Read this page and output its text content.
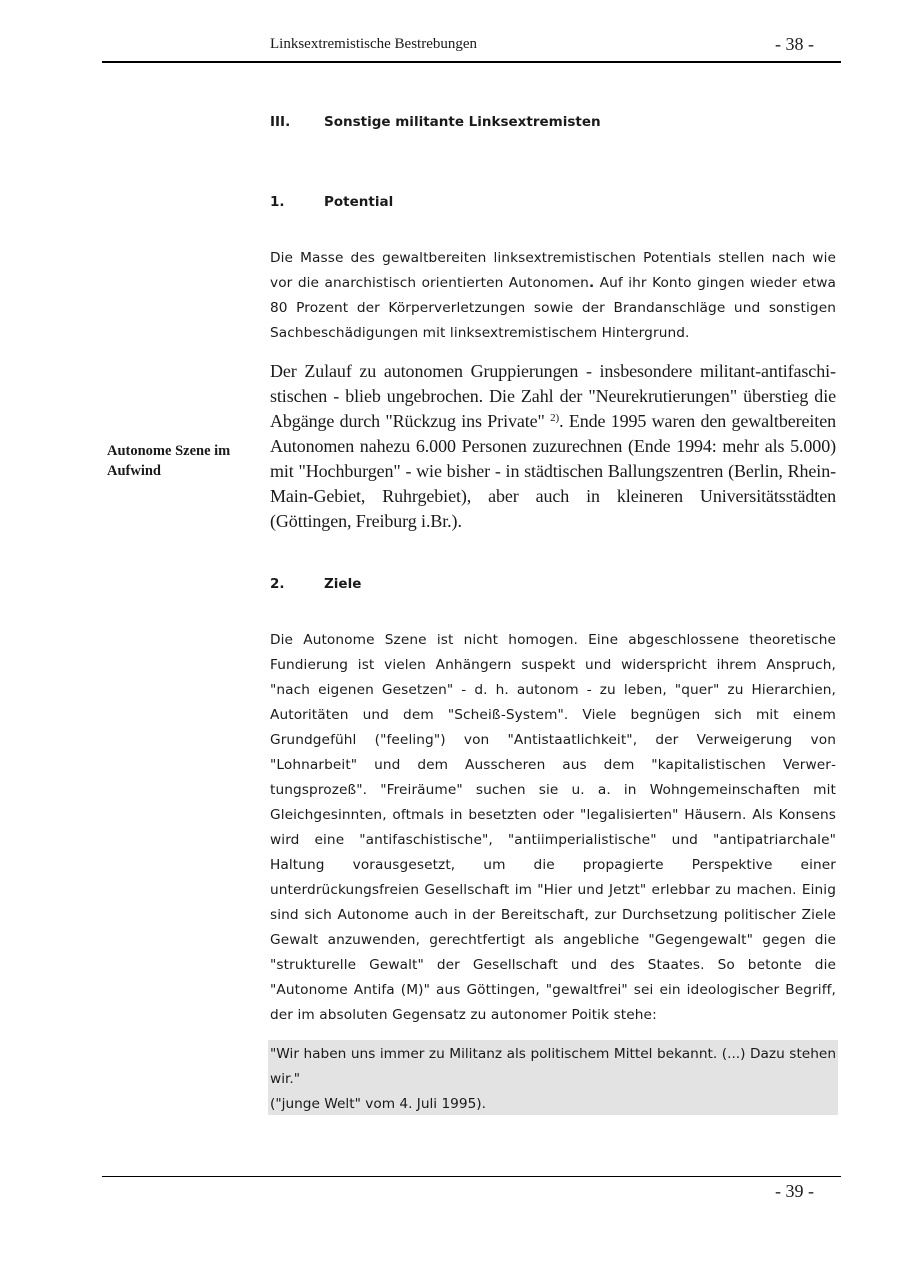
Linksextremistische Bestrebungen	- 38 -
III.	Sonstige militante Linksextremisten
1.	Potential
Die Masse des gewaltbereiten linksextremistischen Potentials stellen nach wie vor die anarchistisch orientierten Autonomen. Auf ihr Konto gingen wieder etwa 80 Prozent der Körperverletzungen sowie der Brandanschläge und sonstigen Sachbeschädigungen mit linksextremistischem Hintergrund.
Der Zulauf zu autonomen Gruppierungen - insbesondere militant-antifaschistischen - blieb ungebrochen. Die Zahl der "Neurekrutierungen" überstieg die Abgänge durch "Rückzug ins Private" $^{2)}$. Ende 1995 waren den gewaltbereiten Autonomen nahezu 6.000 Personen zuzurechnen (Ende 1994: mehr als 5.000) mit "Hochburgen" - wie bisher - in städtischen Ballungszentren (Berlin, Rhein-Main-Gebiet, Ruhrgebiet), aber auch in kleineren Universitätsstädten (Göttingen, Freiburg i.Br.).
Autonome Szene im Aufwind
2.	Ziele
Die Autonome Szene ist nicht homogen. Eine abgeschlossene theoretische Fundierung ist vielen Anhängern suspekt und widerspricht ihrem Anspruch, "nach eigenen Gesetzen" - d. h. autonom - zu leben, "quer" zu Hierarchien, Autoritäten und dem "Scheiß-System". Viele begnügen sich mit einem Grundgefühl ("feeling") von "Antistaatlichkeit", der Verweigerung von "Lohnarbeit" und dem Ausscheren aus dem "kapitalistischen Verwertungsprozeß". "Freiräume" suchen sie u. a. in Wohngemeinschaften mit Gleichgesinnten, oftmals in besetzten oder "legalisierten" Häusern. Als Konsens wird eine "antifaschistische", "antiimperialistische" und "antipatriarchale" Haltung vorausgesetzt, um die propagierte Perspektive einer unterdrückungsfreien Gesellschaft im "Hier und Jetzt" erlebbar zu machen. Einig sind sich Autonome auch in der Bereitschaft, zur Durchsetzung politischer Ziele Gewalt anzuwenden, gerechtfertigt als angebliche "Gegengewalt" gegen die "strukturelle Gewalt" der Gesellschaft und des Staates. So betonte die "Autonome Antifa (M)" aus Göttingen, "gewaltfrei" sei ein ideologischer Begriff, der im absoluten Gegensatz zu autonomer Poitik stehe:
"Wir haben uns immer zu Militanz als politischem Mittel bekannt. (...) Dazu stehen wir."
("junge Welt" vom 4. Juli 1995).
- 39 -
